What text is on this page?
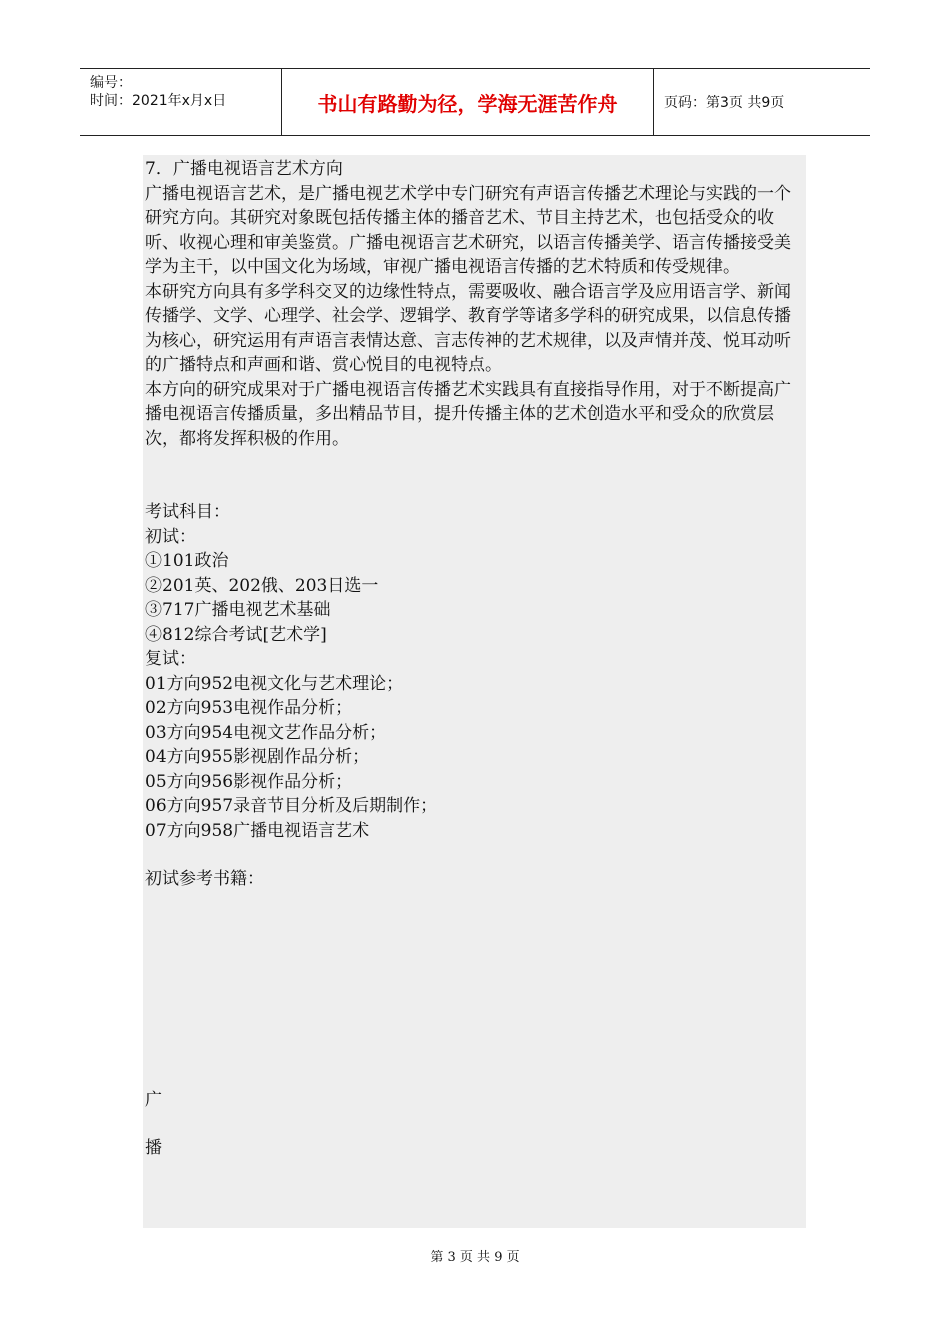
编号：
时间：2021年x月x日	书山有路勤为径，学海无涯苦作舟	页码：第3页 共9页

7．广播电视语言艺术方向

广播电视语言艺术，是广播电视艺术学中专门研究有声语言传播艺术理论与实践的一个研究方向。其研究对象既包括传播主体的播音艺术、节目主持艺术，也包括受众的收听、收视心理和审美鉴赏。广播电视语言艺术研究，以语言传播美学、语言传播接受美学为主干，以中国文化为场域，审视广播电视语言传播的艺术特质和传受规律。

本研究方向具有多学科交叉的边缘性特点，需要吸收、融合语言学及应用语言学、新闻传播学、文学、心理学、社会学、逻辑学、教育学等诸多学科的研究成果，以信息传播为核心，研究运用有声语言表情达意、言志传神的艺术规律，以及声情并茂、悦耳动听的广播特点和声画和谐、赏心悦目的电视特点。

本方向的研究成果对于广播电视语言传播艺术实践具有直接指导作用，对于不断提高广播电视语言传播质量，多出精品节目，提升传播主体的艺术创造水平和受众的欣赏层次，都将发挥积极的作用。

考试科目：

初试：

①101政治

②201英、202俄、203日选一

③717广播电视艺术基础

④812综合考试[艺术学]

复试：

01方向952电视文化与艺术理论；

02方向953电视作品分析；

03方向954电视文艺作品分析；

04方向955影视剧作品分析；

05方向956影视作品分析；

06方向957录音节目分析及后期制作；

07方向958广播电视语言艺术

初试参考书籍：

广

播

第 3 页 共 9 页
